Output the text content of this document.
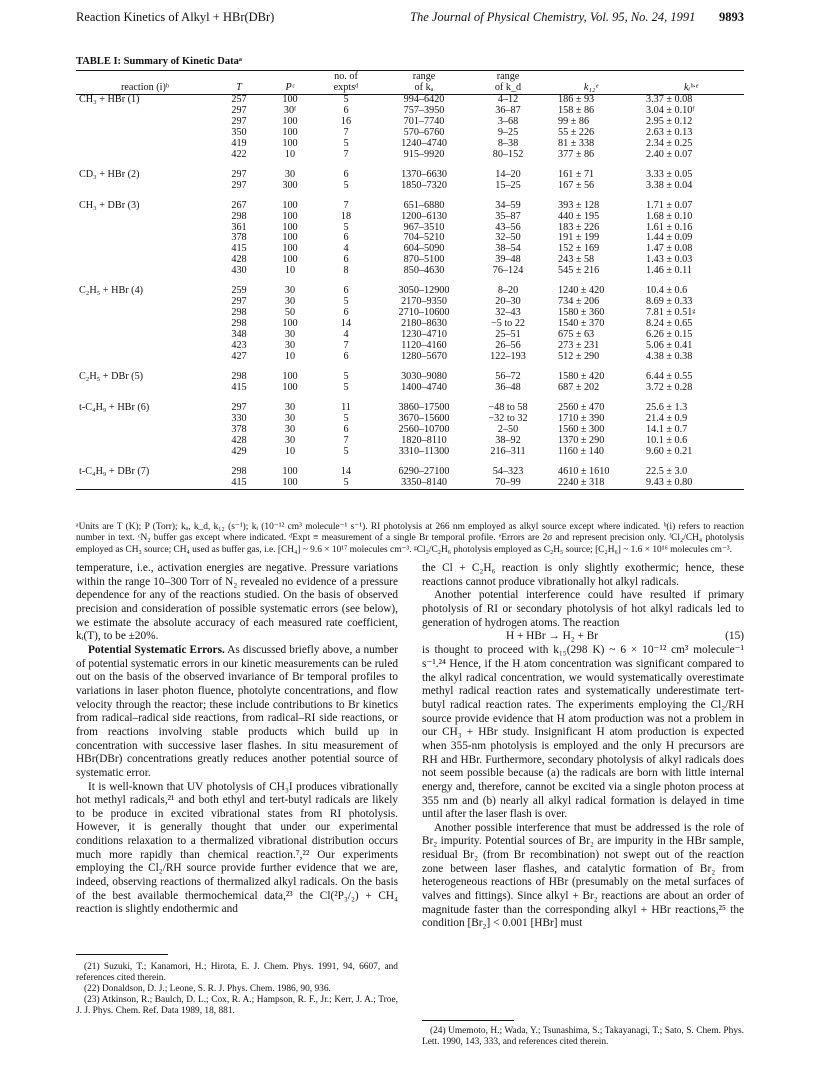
Reaction Kinetics of Alkyl + HBr(DBr)	The Journal of Physical Chemistry, Vol. 95, No. 24, 1991 9893
TABLE I: Summary of Kinetic Dataᵃ
			no. of	range	range		
reaction (i)ᵇ	T	Pᶜ	exptsᵈ	of kₐ	of k_d	k₁₂ᵉ	kᵢᵇ·ᵉ
CH₃ + HBr (1)	257	100	5	994–6420	4–12	186 ± 93	3.37 ± 0.08
	297	30ᶠ	6	757–3950	36–87	158 ± 86	3.04 ± 0.10ᶠ
	297	100	16	701–7740	3–68	99 ± 86	2.95 ± 0.12
	350	100	7	570–6760	9–25	55 ± 226	2.63 ± 0.13
	419	100	5	1240–4740	8–38	81 ± 338	2.34 ± 0.25
	422	10	7	915–9920	80–152	377 ± 86	2.40 ± 0.07

CD₃ + HBr (2)	297	30	6	1370–6630	14–20	161 ± 71	3.33 ± 0.05
	297	300	5	1850–7320	15–25	167 ± 56	3.38 ± 0.04

CH₃ + DBr (3)	267	100	7	651–6880	34–59	393 ± 128	1.71 ± 0.07
	298	100	18	1200–6130	35–87	440 ± 195	1.68 ± 0.10
	361	100	5	967–3510	43–56	183 ± 226	1.61 ± 0.16
	378	100	6	704–5210	32–50	191 ± 199	1.44 ± 0.09
	415	100	4	604–5090	38–54	152 ± 169	1.47 ± 0.08
	428	100	6	870–5100	39–48	243 ± 58	1.43 ± 0.03
	430	10	8	850–4630	76–124	545 ± 216	1.46 ± 0.11

C₂H₅ + HBr (4)	259	30	6	3050–12900	8–20	1240 ± 420	10.4 ± 0.6
	297	30	5	2170–9350	20–30	734 ± 206	8.69 ± 0.33
	298	50	6	2710–10600	32–43	1580 ± 360	7.81 ± 0.51ᵍ
	298	100	14	2180–8630	−5 to 22	1540 ± 370	8.24 ± 0.65
	348	30	4	1230–4710	25–51	675 ± 63	6.26 ± 0.15
	423	30	7	1120–4160	26–56	273 ± 231	5.06 ± 0.41
	427	10	6	1280–5670	122–193	512 ± 290	4.38 ± 0.38

C₂H₅ + DBr (5)	298	100	5	3030–9080	56–72	1580 ± 420	6.44 ± 0.55
	415	100	5	1400–4740	36–48	687 ± 202	3.72 ± 0.28

t-C₄H₉ + HBr (6)	297	30	11	3860–17500	−48 to 58	2560 ± 470	25.6 ± 1.3
	330	30	5	3670–15600	−32 to 32	1710 ± 390	21.4 ± 0.9
	378	30	6	2560–10700	2–50	1560 ± 300	14.1 ± 0.7
	428	30	7	1820–8110	38–92	1370 ± 290	10.1 ± 0.6
	429	10	5	3310–11300	216–311	1160 ± 140	9.60 ± 0.21

t-C₄H₉ + DBr (7)	298	100	14	6290–27100	54–323	4610 ± 1610	22.5 ± 3.0
	415	100	5	3350–8140	70–99	2240 ± 318	9.43 ± 0.80

ᵃUnits are T (K); P (Torr); kₐ, k_d, k₁₂ (s⁻¹); kᵢ (10⁻¹² cm³ molecule⁻¹ s⁻¹). RI photolysis at 266 nm employed as alkyl source except where indicated. ᵇ(i) refers to reaction number in text. ᶜN₂ buffer gas except where indicated. ᵈExpt ≡ measurement of a single Br temporal profile. ᵉErrors are 2σ and represent precision only. ᶠCl₂/CH₄ photolysis employed as CH₃ source; CH₄ used as buffer gas, i.e. [CH₄] ~ 9.6 × 10¹⁷ molecules cm⁻³. ᵍCl₂/C₂H₆ photolysis employed as C₂H₅ source; [C₂H₆] ~ 1.6 × 10¹⁶ molecules cm⁻³.

temperature, i.e., activation energies are negative. Pressure variations within the range 10–300 Torr of N₂ revealed no evidence of a pressure dependence for any of the reactions studied. On the basis of observed precision and consideration of possible systematic errors (see below), we estimate the absolute accuracy of each measured rate coefficient, kᵢ(T), to be ±20%.

Potential Systematic Errors. As discussed briefly above, a number of potential systematic errors in our kinetic measurements can be ruled out on the basis of the observed invariance of Br temporal profiles to variations in laser photon fluence, photolyte concentrations, and flow velocity through the reactor; these include contributions to Br kinetics from radical–radical side reactions, from radical–RI side reactions, or from reactions involving stable products which build up in concentration with successive laser flashes. In situ measurement of HBr(DBr) concentrations greatly reduces another potential source of systematic error.

It is well-known that UV photolysis of CH₃I produces vibrationally hot methyl radicals,²¹ and both ethyl and tert-butyl radicals are likely to be produce in excited vibrational states from RI photolysis. However, it is generally thought that under our experimental conditions relaxation to a thermalized vibrational distribution occurs much more rapidly than chemical reaction.⁷,²² Our experiments employing the Cl₂/RH source provide further evidence that we are, indeed, observing reactions of thermalized alkyl radicals. On the basis of the best available thermochemical data,²³ the Cl(²P₃/₂) + CH₄ reaction is slightly endothermic and

(21) Suzuki, T.; Kanamori, H.; Hirota, E. J. Chem. Phys. 1991, 94, 6607, and references cited therein.

(22) Donaldson, D. J.; Leone, S. R. J. Phys. Chem. 1986, 90, 936.

(23) Atkinson, R.; Baulch, D. L.; Cox, R. A.; Hampson, R. F., Jr.; Kerr, J. A.; Troe, J. J. Phys. Chem. Ref. Data 1989, 18, 881.

the Cl + C₂H₆ reaction is only slightly exothermic; hence, these reactions cannot produce vibrationally hot alkyl radicals.

Another potential interference could have resulted if primary photolysis of RI or secondary photolysis of hot alkyl radicals led to generation of hydrogen atoms. The reaction

H + HBr → H₂ + Br	(15)

is thought to proceed with k₁₅(298 K) ~ 6 × 10⁻¹² cm³ molecule⁻¹ s⁻¹.²⁴ Hence, if the H atom concentration was significant compared to the alkyl radical concentration, we would systematically overestimate methyl radical reaction rates and systematically underestimate tert-butyl radical reaction rates. The experiments employing the Cl₂/RH source provide evidence that H atom production was not a problem in our CH₃ + HBr study. Insignificant H atom production is expected when 355-nm photolysis is employed and the only H precursors are RH and HBr. Furthermore, secondary photolysis of alkyl radicals does not seem possible because (a) the radicals are born with little internal energy and, therefore, cannot be excited via a single photon process at 355 nm and (b) nearly all alkyl radical formation is delayed in time until after the laser flash is over.

Another possible interference that must be addressed is the role of Br₂ impurity. Potential sources of Br₂ are impurity in the HBr sample, residual Br₂ (from Br recombination) not swept out of the reaction zone between laser flashes, and catalytic formation of Br₂ from heterogeneous reactions of HBr (presumably on the metal surfaces of valves and fittings). Since alkyl + Br₂ reactions are about an order of magnitude faster than the corresponding alkyl + HBr reactions,²⁵ the condition [Br₂] < 0.001 [HBr] must

(24) Umemoto, H.; Wada, Y.; Tsunashima, S.; Takayanagi, T.; Sato, S. Chem. Phys. Lett. 1990, 143, 333, and references cited therein.
